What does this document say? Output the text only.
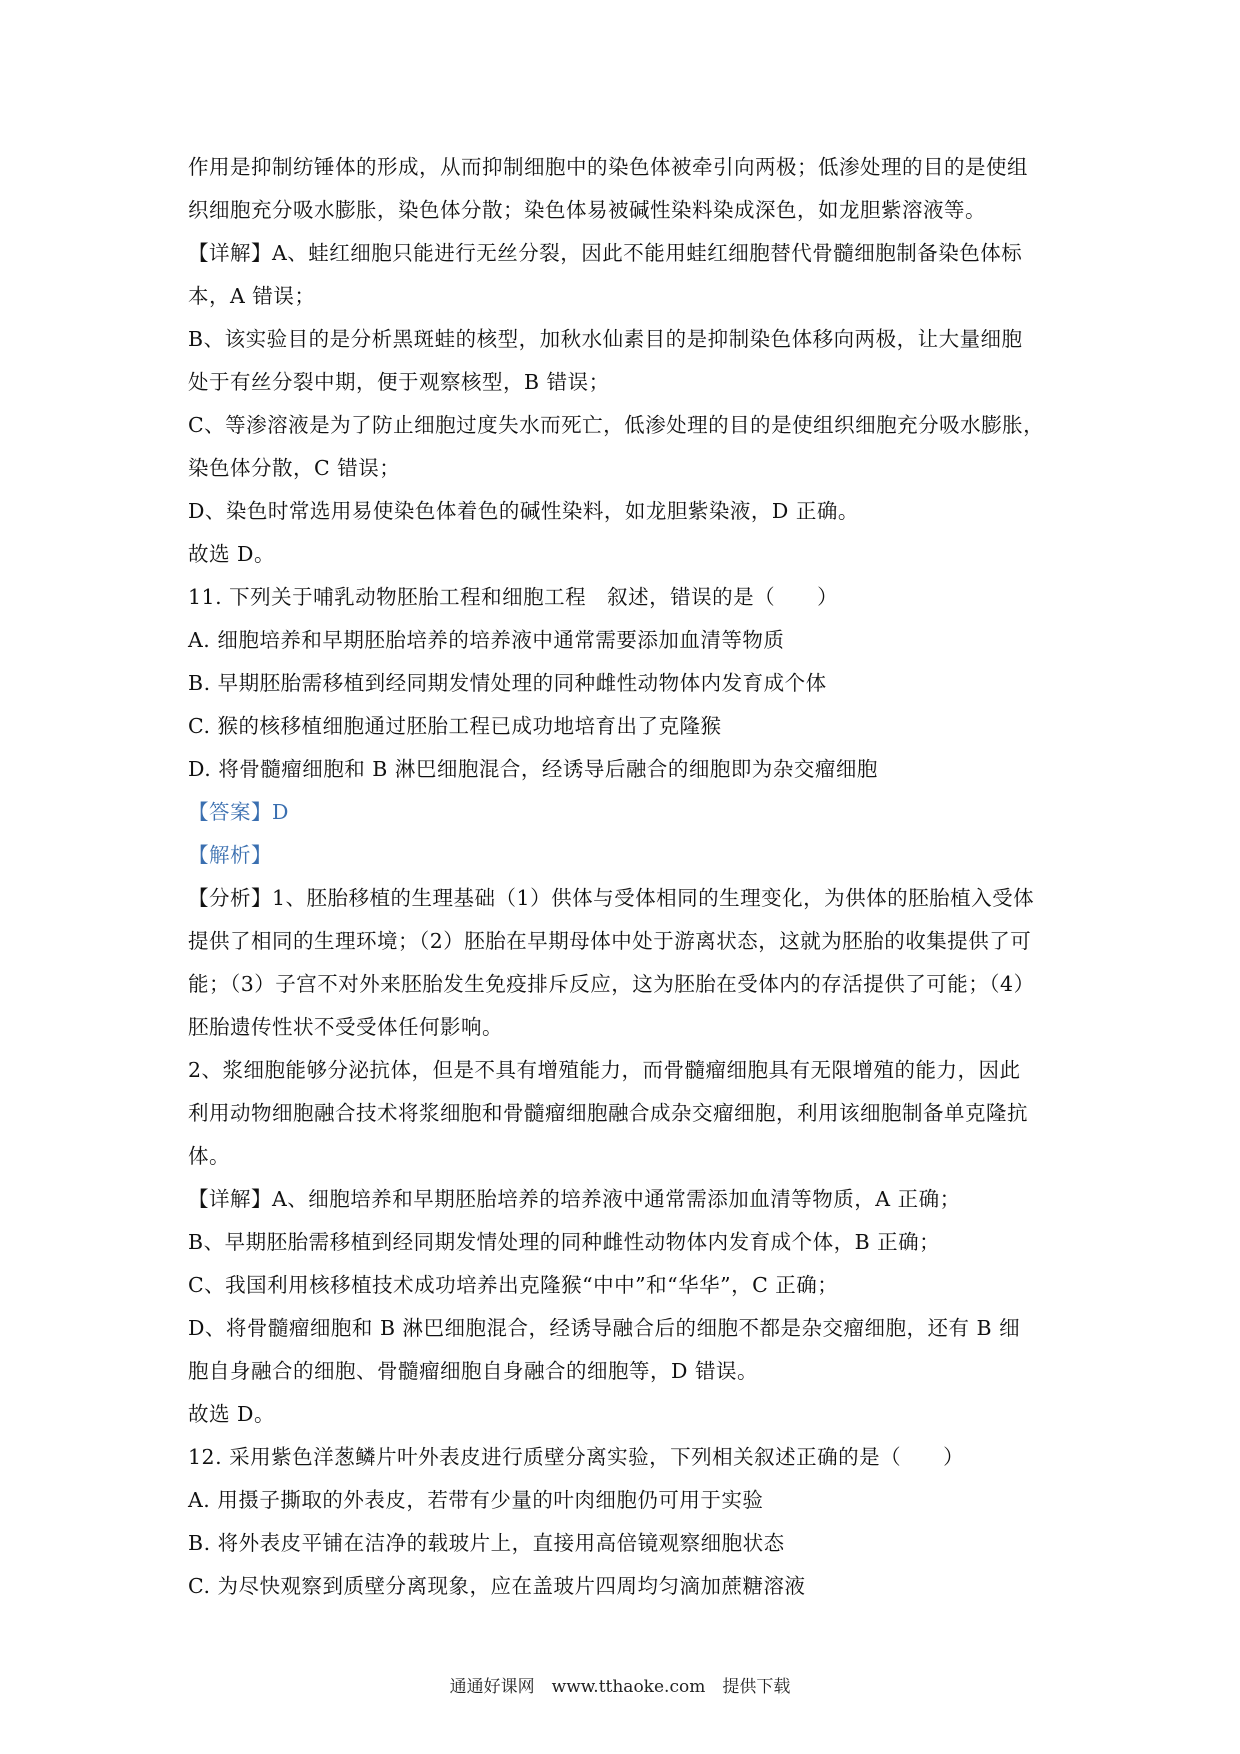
作用是抑制纺锤体的形成，从而抑制细胞中的染色体被牵引向两极；低渗处理的目的是使组
织细胞充分吸水膨胀，染色体分散；染色体易被碱性染料染成深色，如龙胆紫溶液等。
【详解】A、蛙红细胞只能进行无丝分裂，因此不能用蛙红细胞替代骨髓细胞制备染色体标
本，A 错误；
B、该实验目的是分析黑斑蛙的核型，加秋水仙素目的是抑制染色体移向两极，让大量细胞
处于有丝分裂中期，便于观察核型，B 错误；
C、等渗溶液是为了防止细胞过度失水而死亡，低渗处理的目的是使组织细胞充分吸水膨胀，
染色体分散，C 错误；
D、染色时常选用易使染色体着色的碱性染料，如龙胆紫染液，D 正确。
故选 D。
11. 下列关于哺乳动物胚胎工程和细胞工程　叙述，错误的是（　　）
A. 细胞培养和早期胚胎培养的培养液中通常需要添加血清等物质
B. 早期胚胎需移植到经同期发情处理的同种雌性动物体内发育成个体
C. 猴的核移植细胞通过胚胎工程已成功地培育出了克隆猴
D. 将骨髓瘤细胞和 B 淋巴细胞混合，经诱导后融合的细胞即为杂交瘤细胞
【答案】D
【解析】
【分析】1、胚胎移植的生理基础（1）供体与受体相同的生理变化，为供体的胚胎植入受体
提供了相同的生理环境；（2）胚胎在早期母体中处于游离状态，这就为胚胎的收集提供了可
能；（3）子宫不对外来胚胎发生免疫排斥反应，这为胚胎在受体内的存活提供了可能；（4）
胚胎遗传性状不受受体任何影响。
2、浆细胞能够分泌抗体，但是不具有增殖能力，而骨髓瘤细胞具有无限增殖的能力，因此
利用动物细胞融合技术将浆细胞和骨髓瘤细胞融合成杂交瘤细胞，利用该细胞制备单克隆抗
体。
【详解】A、细胞培养和早期胚胎培养的培养液中通常需添加血清等物质，A 正确；
B、早期胚胎需移植到经同期发情处理的同种雌性动物体内发育成个体，B 正确；
C、我国利用核移植技术成功培养出克隆猴“中中”和“华华”，C 正确；
D、将骨髓瘤细胞和 B 淋巴细胞混合，经诱导融合后的细胞不都是杂交瘤细胞，还有 B 细
胞自身融合的细胞、骨髓瘤细胞自身融合的细胞等，D 错误。
故选 D。
12. 采用紫色洋葱鳞片叶外表皮进行质壁分离实验，下列相关叙述正确的是（　　）
A. 用摄子撕取的外表皮，若带有少量的叶肉细胞仍可用于实验
B. 将外表皮平铺在洁净的载玻片上，直接用高倍镜观察细胞状态
C. 为尽快观察到质壁分离现象，应在盖玻片四周均匀滴加蔗糖溶液
通通好课网　www.tthaoke.com　提供下载
